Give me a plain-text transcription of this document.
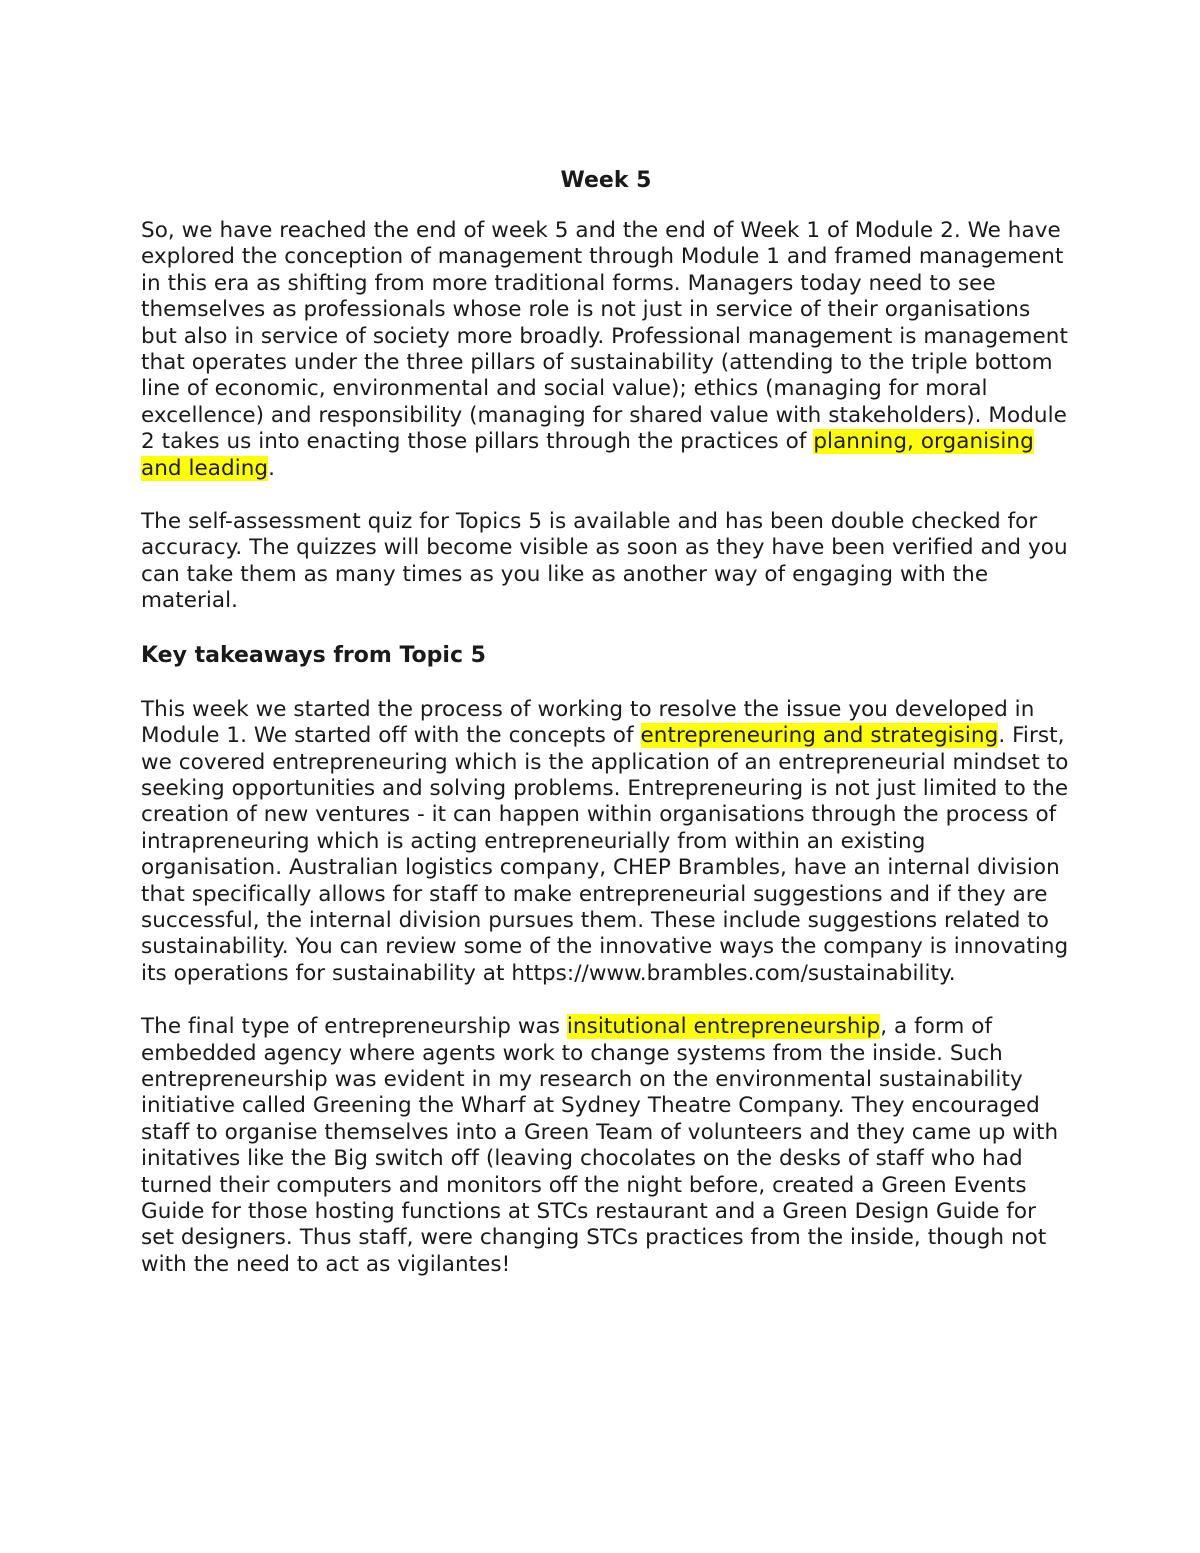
Week 5

So, we have reached the end of week 5 and the end of Week 1 of Module 2. We have explored the conception of management through Module 1 and framed management in this era as shifting from more traditional forms. Managers today need to see themselves as professionals whose role is not just in service of their organisations but also in service of society more broadly. Professional management is management that operates under the three pillars of sustainability (attending to the triple bottom line of economic, environmental and social value); ethics (managing for moral excellence) and responsibility (managing for shared value with stakeholders). Module 2 takes us into enacting those pillars through the practices of planning, organising and leading.

The self-assessment quiz for Topics 5 is available and has been double checked for accuracy. The quizzes will become visible as soon as they have been verified and you can take them as many times as you like as another way of engaging with the material.

Key takeaways from Topic 5

This week we started the process of working to resolve the issue you developed in Module 1. We started off with the concepts of entrepreneuring and strategising. First, we covered entrepreneuring which is the application of an entrepreneurial mindset to seeking opportunities and solving problems. Entrepreneuring is not just limited to the creation of new ventures - it can happen within organisations through the process of intrapreneuring which is acting entrepreneurially from within an existing organisation. Australian logistics company, CHEP Brambles, have an internal division that specifically allows for staff to make entrepreneurial suggestions and if they are successful, the internal division pursues them. These include suggestions related to sustainability. You can review some of the innovative ways the company is innovating its operations for sustainability at https://www.brambles.com/sustainability.

The final type of entrepreneurship was insitutional entrepreneurship, a form of embedded agency where agents work to change systems from the inside. Such entrepreneurship was evident in my research on the environmental sustainability initiative called Greening the Wharf at Sydney Theatre Company. They encouraged staff to organise themselves into a Green Team of volunteers and they came up with initatives like the Big switch off (leaving chocolates on the desks of staff who had turned their computers and monitors off the night before, created a Green Events Guide for those hosting functions at STCs restaurant and a Green Design Guide for set designers. Thus staff, were changing STCs practices from the inside, though not with the need to act as vigilantes!
